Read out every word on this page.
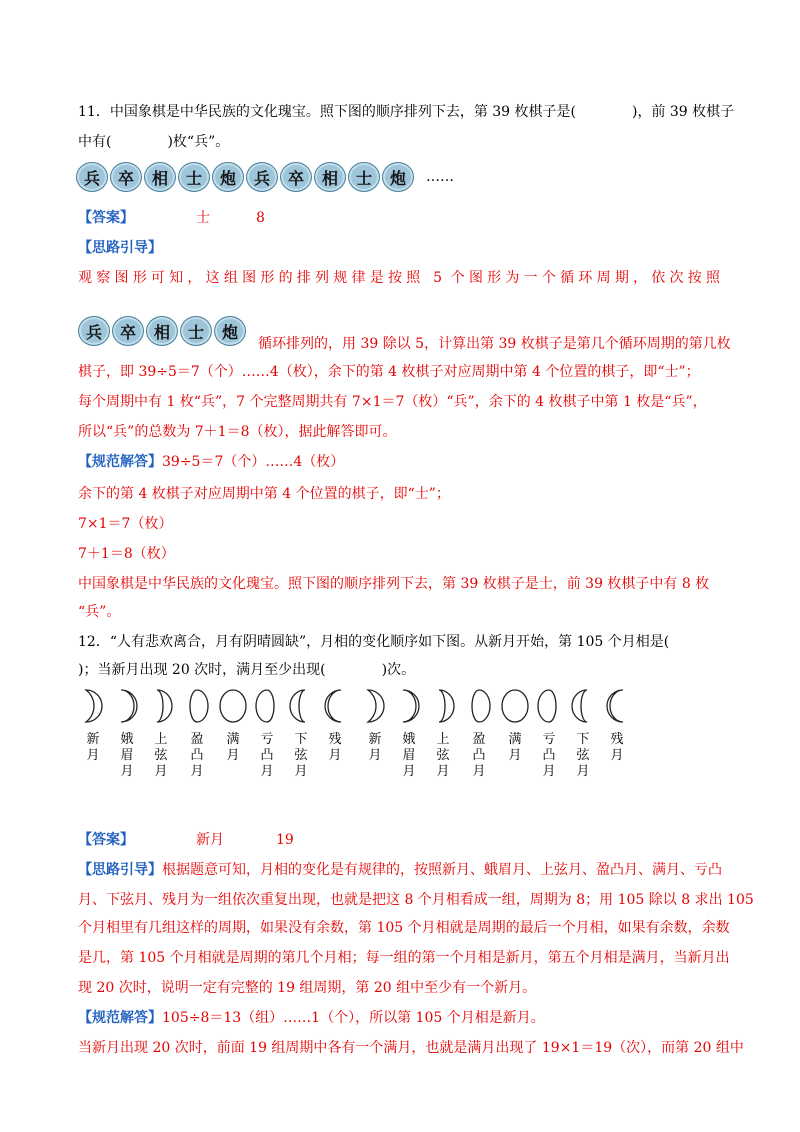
11．中国象棋是中华民族的文化瑰宝。照下图的顺序排列下去，第 39 枚棋子是(　　　　)，前 39 枚棋子
中有(　　　　)枚“兵”。
兵	卒	相	士	炮	兵	卒	相	士	炮	……
【答案】	士	8
【思路引导】
观察图形可知，这组图形的排列规律是按照 5 个图形为一个循环周期，依次按照
兵	卒	相	士	炮
循环排列的，用 39 除以 5，计算出第 39 枚棋子是第几个循环周期的第几枚
棋子，即 39÷5＝7（个）……4（枚），余下的第 4 枚棋子对应周期中第 4 个位置的棋子，即“士”；
每个周期中有 1 枚“兵”，7 个完整周期共有 7×1＝7（枚）“兵”，余下的 4 枚棋子中第 1 枚是“兵”，
所以“兵”的总数为 7＋1＝8（枚），据此解答即可。
【规范解答】39÷5＝7（个）……4（枚）
余下的第 4 枚棋子对应周期中第 4 个位置的棋子，即“士”；
7×1＝7（枚）
7＋1＝8（枚）
中国象棋是中华民族的文化瑰宝。照下图的顺序排列下去，第 39 枚棋子是士，前 39 枚棋子中有 8 枚
“兵”。
12．“人有悲欢离合，月有阴晴圆缺”，月相的变化顺序如下图。从新月开始，第 105 个月相是(
)；当新月出现 20 次时，满月至少出现(　　　　)次。
新
月
娥
眉
月
上
弦
月
盈
凸
月
满
月
亏
凸
月
下
弦
月
残
月
新
月
娥
眉
月
上
弦
月
盈
凸
月
满
月
亏
凸
月
下
弦
月
残
月
【答案】	新月	19
【思路引导】根据题意可知，月相的变化是有规律的，按照新月、蛾眉月、上弦月、盈凸月、满月、亏凸
月、下弦月、残月为一组依次重复出现，也就是把这 8 个月相看成一组，周期为 8；用 105 除以 8 求出 105
个月相里有几组这样的周期，如果没有余数，第 105 个月相就是周期的最后一个月相，如果有余数，余数
是几，第 105 个月相就是周期的第几个月相；每一组的第一个月相是新月，第五个月相是满月，当新月出
现 20 次时，说明一定有完整的 19 组周期，第 20 组中至少有一个新月。
【规范解答】105÷8＝13（组）……1（个），所以第 105 个月相是新月。
当新月出现 20 次时，前面 19 组周期中各有一个满月，也就是满月出现了 19×1＝19（次），而第 20 组中
